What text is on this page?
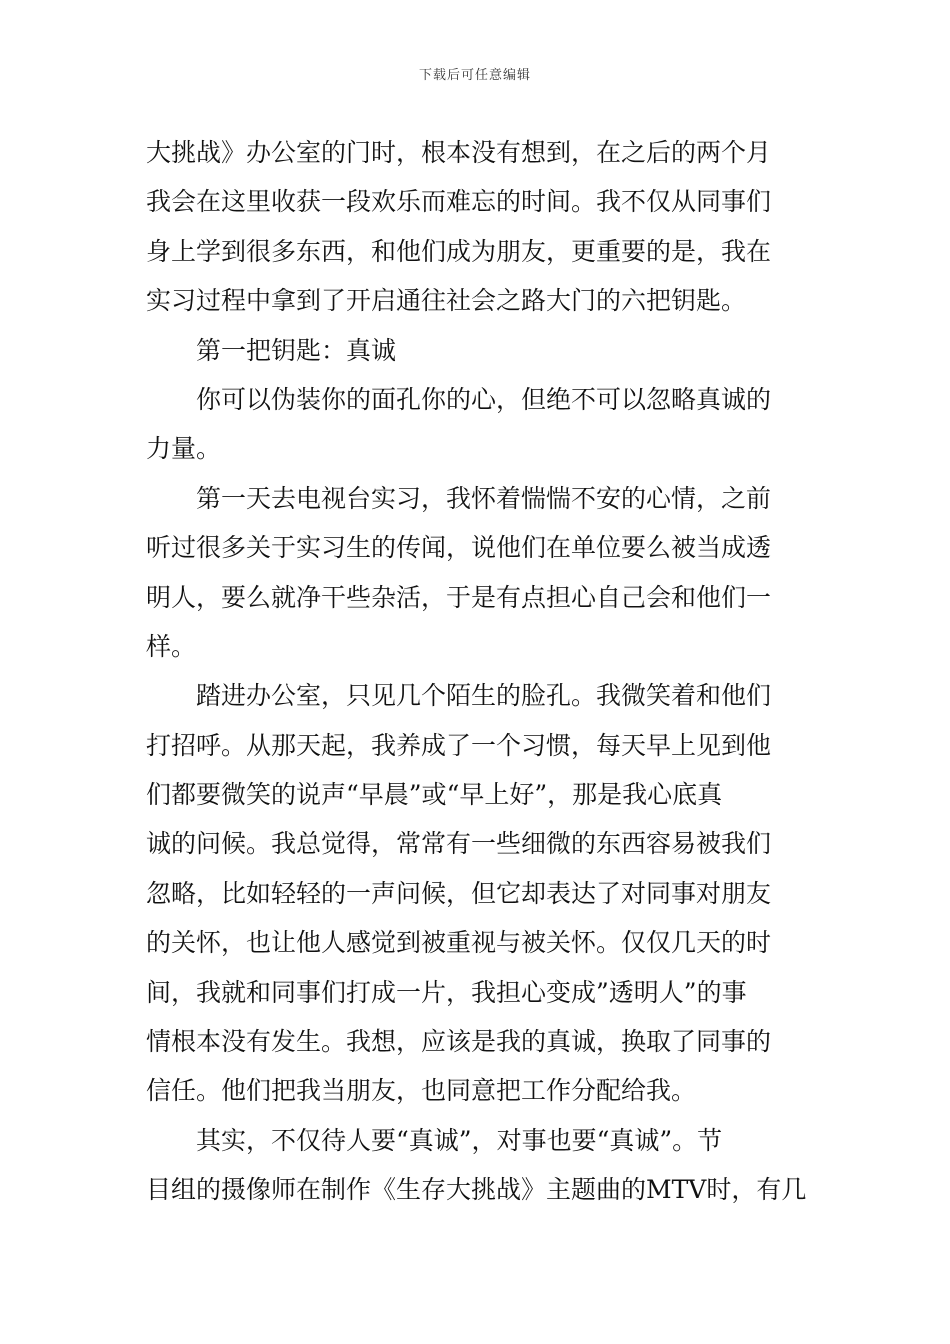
下载后可任意编辑
大挑战》办公室的门时，根本没有想到，在之后的两个月
我会在这里收获一段欢乐而难忘的时间。我不仅从同事们
身上学到很多东西，和他们成为朋友，更重要的是，我在
实习过程中拿到了开启通往社会之路大门的六把钥匙。
第一把钥匙：真诚
你可以伪装你的面孔你的心，但绝不可以忽略真诚的
力量。
第一天去电视台实习，我怀着惴惴不安的心情，之前
听过很多关于实习生的传闻，说他们在单位要么被当成透
明人，要么就净干些杂活，于是有点担心自己会和他们一
样。
踏进办公室，只见几个陌生的脸孔。我微笑着和他们
打招呼。从那天起，我养成了一个习惯，每天早上见到他
们都要微笑的说声“早晨”或“早上好”，那是我心底真
诚的问候。我总觉得，常常有一些细微的东西容易被我们
忽略，比如轻轻的一声问候，但它却表达了对同事对朋友
的关怀，也让他人感觉到被重视与被关怀。仅仅几天的时
间，我就和同事们打成一片，我担心变成”透明人”的事
情根本没有发生。我想，应该是我的真诚，换取了同事的
信任。他们把我当朋友，也同意把工作分配给我。
其实，不仅待人要“真诚”，对事也要“真诚”。节
目组的摄像师在制作《生存大挑战》主题曲的MTV时，有几
